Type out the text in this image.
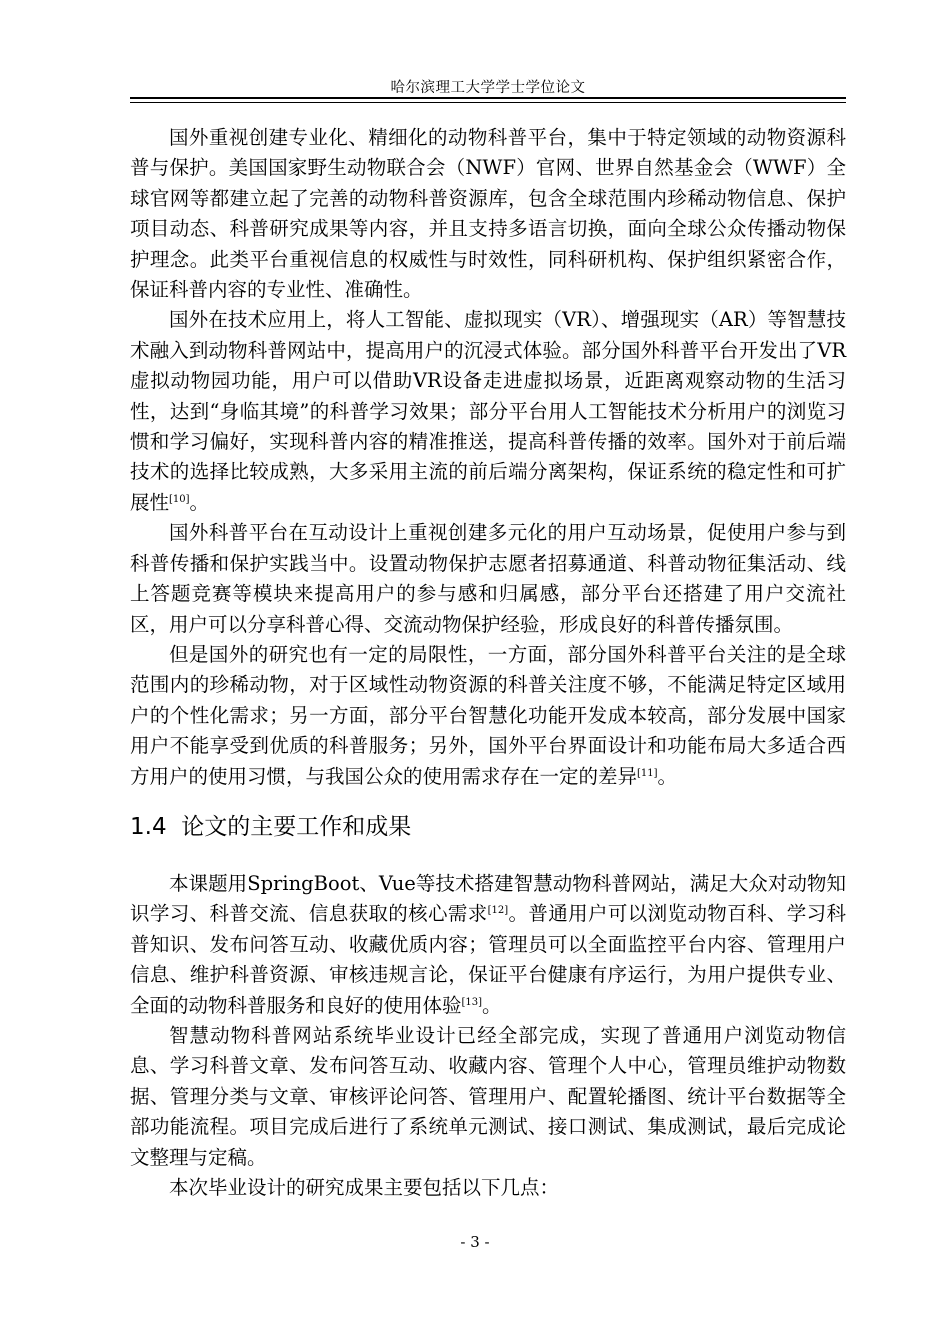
哈尔滨理工大学学士学位论文

国外重视创建专业化、精细化的动物科普平台，集中于特定领域的动物资源科普与保护。美国国家野生动物联合会（NWF）官网、世界自然基金会（WWF）全球官网等都建立起了完善的动物科普资源库，包含全球范围内珍稀动物信息、保护项目动态、科普研究成果等内容，并且支持多语言切换，面向全球公众传播动物保护理念。此类平台重视信息的权威性与时效性，同科研机构、保护组织紧密合作，保证科普内容的专业性、准确性。

国外在技术应用上，将人工智能、虚拟现实（VR）、增强现实（AR）等智慧技术融入到动物科普网站中，提高用户的沉浸式体验。部分国外科普平台开发出了VR虚拟动物园功能，用户可以借助VR设备走进虚拟场景，近距离观察动物的生活习性，达到“身临其境”的科普学习效果；部分平台用人工智能技术分析用户的浏览习惯和学习偏好，实现科普内容的精准推送，提高科普传播的效率。国外对于前后端技术的选择比较成熟，大多采用主流的前后端分离架构，保证系统的稳定性和可扩展性[10]。

国外科普平台在互动设计上重视创建多元化的用户互动场景，促使用户参与到科普传播和保护实践当中。设置动物保护志愿者招募通道、科普动物征集活动、线上答题竞赛等模块来提高用户的参与感和归属感，部分平台还搭建了用户交流社区，用户可以分享科普心得、交流动物保护经验，形成良好的科普传播氛围。

但是国外的研究也有一定的局限性，一方面，部分国外科普平台关注的是全球范围内的珍稀动物，对于区域性动物资源的科普关注度不够，不能满足特定区域用户的个性化需求；另一方面，部分平台智慧化功能开发成本较高，部分发展中国家用户不能享受到优质的科普服务；另外，国外平台界面设计和功能布局大多适合西方用户的使用习惯，与我国公众的使用需求存在一定的差异[11]。

1.4 论文的主要工作和成果

本课题用SpringBoot、Vue等技术搭建智慧动物科普网站，满足大众对动物知识学习、科普交流、信息获取的核心需求[12]。普通用户可以浏览动物百科、学习科普知识、发布问答互动、收藏优质内容；管理员可以全面监控平台内容、管理用户信息、维护科普资源、审核违规言论，保证平台健康有序运行，为用户提供专业、全面的动物科普服务和良好的使用体验[13]。

智慧动物科普网站系统毕业设计已经全部完成，实现了普通用户浏览动物信息、学习科普文章、发布问答互动、收藏内容、管理个人中心，管理员维护动物数据、管理分类与文章、审核评论问答、管理用户、配置轮播图、统计平台数据等全部功能流程。项目完成后进行了系统单元测试、接口测试、集成测试，最后完成论文整理与定稿。

本次毕业设计的研究成果主要包括以下几点：

- 3 -
